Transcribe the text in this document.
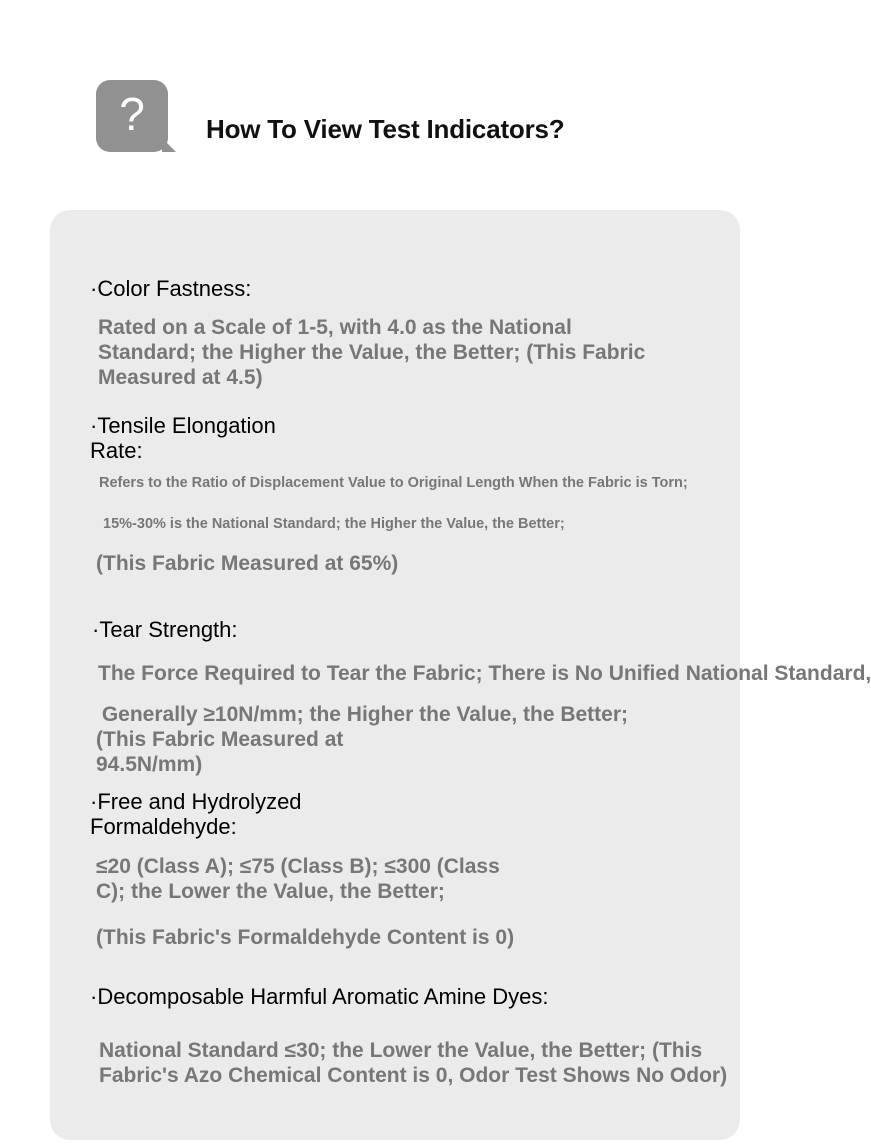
? How To View Test Indicators?
·Color Fastness:
Rated on a Scale of 1-5, with 4.0 as the National
Standard; the Higher the Value, the Better; (This Fabric
Measured at 4.5)
·Tensile Elongation
Rate:
Refers to the Ratio of Displacement Value to Original Length When the Fabric is Torn;
15%-30% is the National Standard; the Higher the Value, the Better;
(This Fabric Measured at 65%)
·Tear Strength:
The Force Required to Tear the Fabric; There is No Unified National Standard,
Generally ≥10N/mm; the Higher the Value, the Better;
(This Fabric Measured at
94.5N/mm)
·Free and Hydrolyzed
Formaldehyde:
≤20 (Class A); ≤75 (Class B); ≤300 (Class
C); the Lower the Value, the Better;
(This Fabric's Formaldehyde Content is 0)
·Decomposable Harmful Aromatic Amine Dyes:
National Standard ≤30; the Lower the Value, the Better; (This
Fabric's Azo Chemical Content is 0, Odor Test Shows No Odor)
